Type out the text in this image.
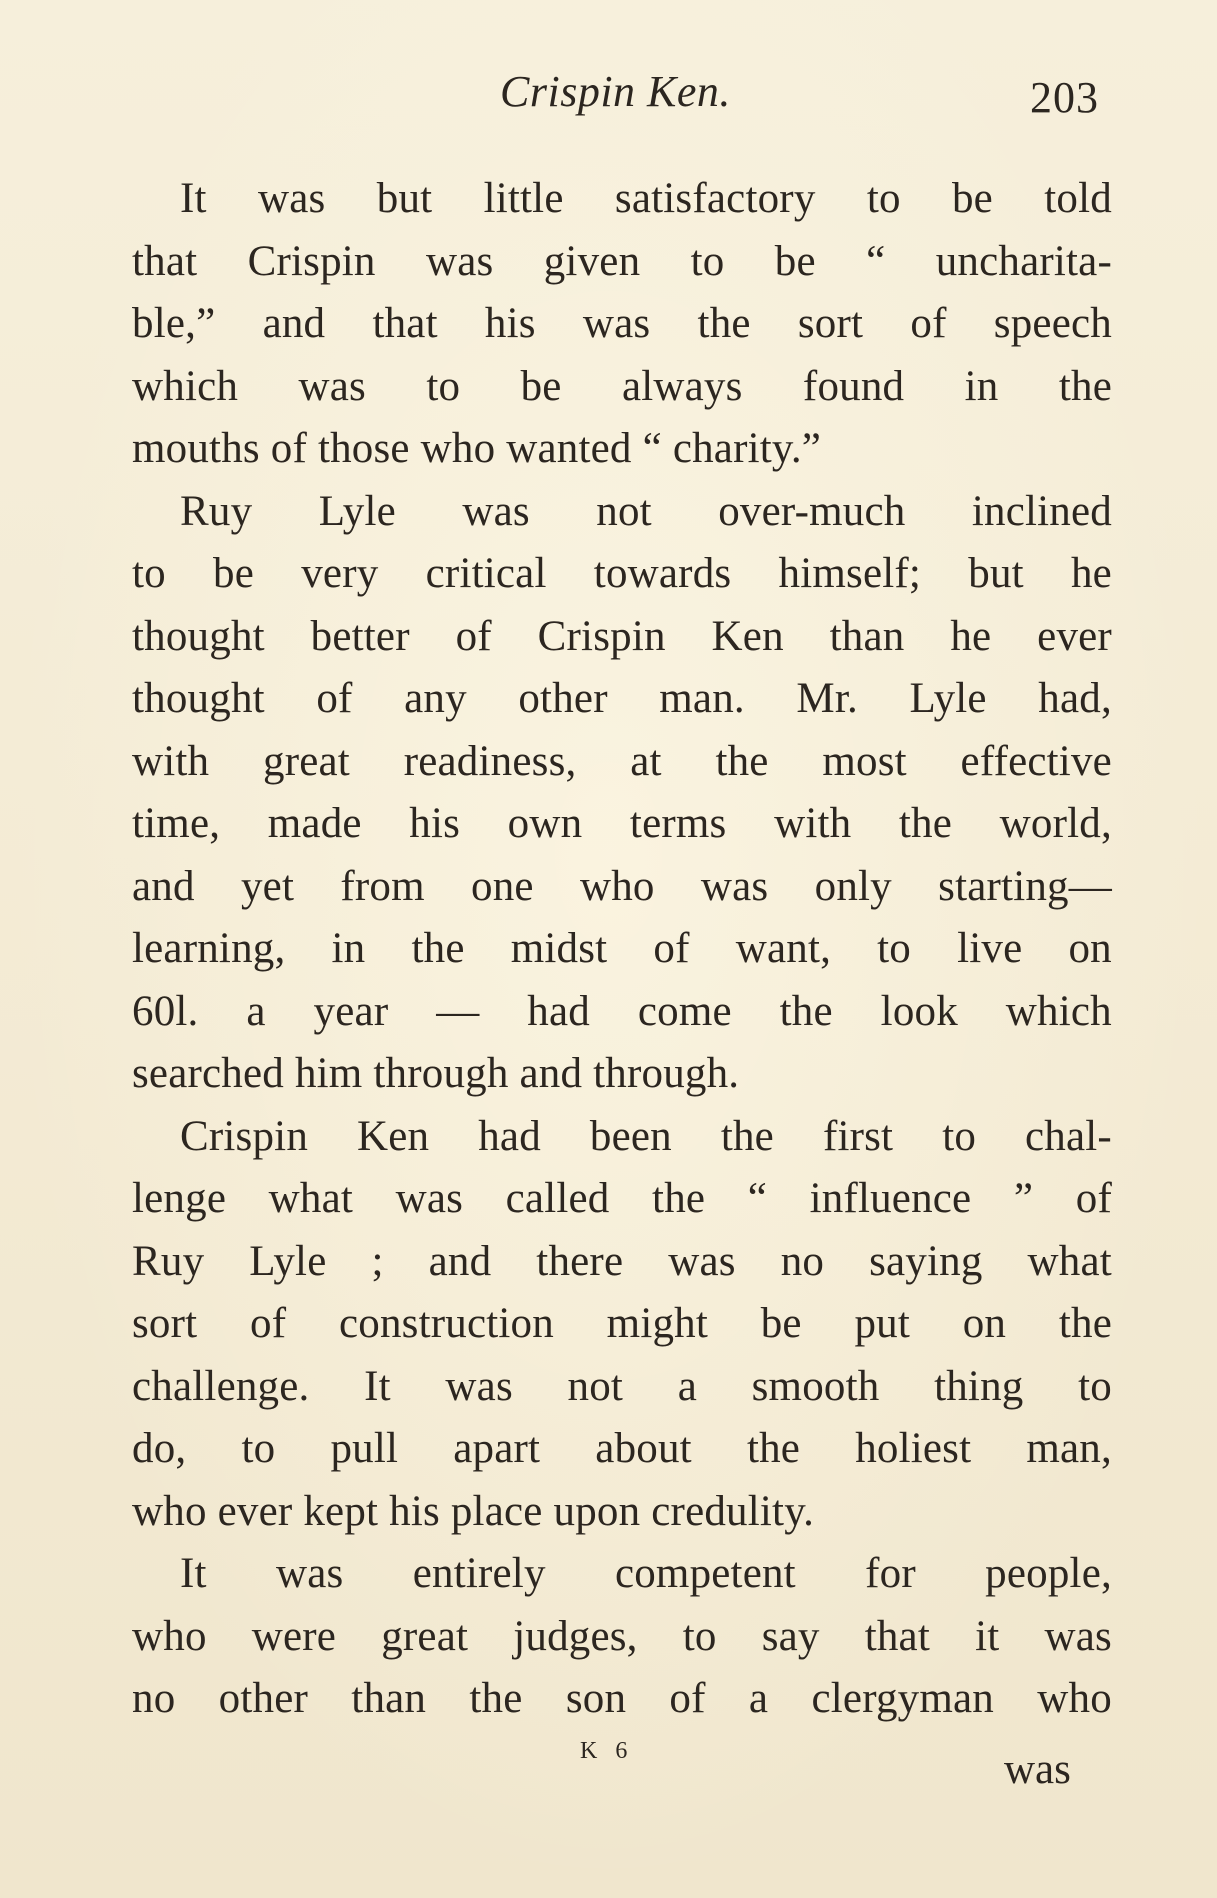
Crispin Ken.	203
It was but little satisfactory to be told
that Crispin was given to be “ uncharita-
ble,” and that his was the sort of speech
which was to be always found in the
mouths of those who wanted “ charity.”
Ruy Lyle was not over-much inclined
to be very critical towards himself; but he
thought better of Crispin Ken than he ever
thought of any other man. Mr. Lyle had,
with great readiness, at the most effective
time, made his own terms with the world,
and yet from one who was only starting—
learning, in the midst of want, to live on
60l. a year — had come the look which
searched him through and through.
Crispin Ken had been the first to chal-
lenge what was called the “ influence ” of
Ruy Lyle ; and there was no saying what
sort of construction might be put on the
challenge. It was not a smooth thing to
do, to pull apart about the holiest man,
who ever kept his place upon credulity.
It was entirely competent for people,
who were great judges, to say that it was
no other than the son of a clergyman who
K 6	was
